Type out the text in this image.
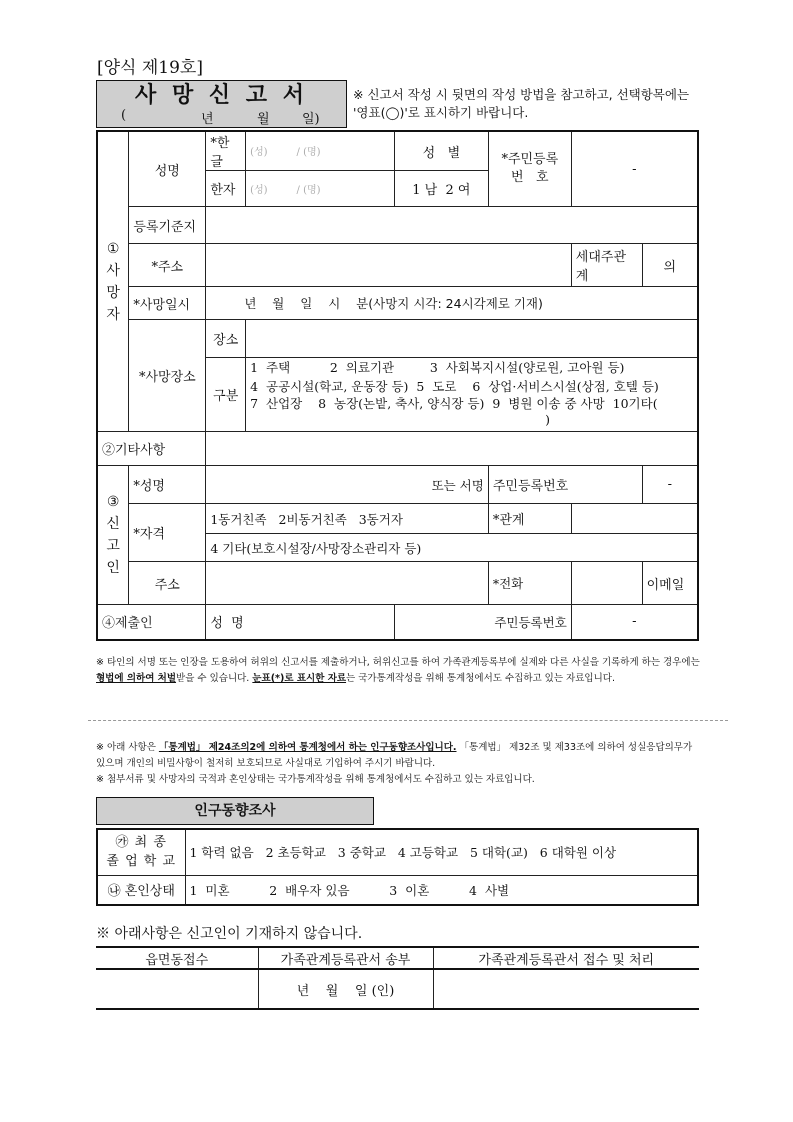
[양식 제19호]
사 망 신 고 서
(	년	월 일)
※ 신고서 작성 시 뒷면의 작성 방법을 참고하고, 선택항목에는 '영표(◯)'로 표시하기 바랍니다.
①
사
망
자	성명	*한글	(성) / (명)	성   별	*주민등록
번   호	-	
		한자	(성) / (명)	1 남  2 여			
	등록기준지						
	*주소					세대주관계	의
	*사망일시	년    월    일    시    분(사망지 시각: 24시각제로 기재)					
	*사망장소	장소					
		구분	1  주택          2  의료기관         3  사회복지시설(양로원, 고아원 등)				
			4  공공시설(학교, 운동장 등)  5  도로    6  상업·서비스시설(상점, 호텔 등)				
			7  산업장    8  농장(논밭, 축사, 양식장 등)  9  병원 이송 중 사망  10기타(
)				
②기타사항							
③
신
고
인	*성명	또는 서명			주민등록번호		-
	*자격	1동거친족   2비동거친족   3동거자			*관계		
		4 기타(보호시설장/사망장소관리자 등)					
	주소				*전화		이메일
④제출인		성  명		주민등록번호		-	
※ 타인의 서명 또는 인장을 도용하여 허위의 신고서를 제출하거나, 허위신고를 하여 가족관계등록부에 실제와 다른 사실을 기록하게 하는 경우에는 형법에 의하여 처벌받을 수 있습니다. 눈표(*)로 표시한 자료는 국가통계작성을 위해 통계청에서도 수집하고 있는 자료입니다.
※ 아래 사항은 「통계법」 제24조의2에 의하여 통계청에서 하는 인구동향조사입니다. 「통계법」 제32조 및 제33조에 의하여 성실응답의무가 있으며 개인의 비밀사항이 철저히 보호되므로 사실대로 기입하여 주시기 바랍니다.
※ 첨부서류 및 사망자의 국적과 혼인상태는 국가통계작성을 위해 통계청에서도 수집하고 있는 자료입니다.
인구동향조사
㉮ 최 종
졸 업 학 교	1 학력 없음   2 초등학교   3 중학교   4 고등학교   5 대학(교)   6 대학원 이상
㉯ 혼인상태	1  미혼          2  배우자 있음          3  이혼          4  사별
※ 아래사항은 신고인이 기재하지 않습니다.
읍면동접수	가족관계등록관서 송부	가족관계등록관서 접수 및 처리
	년    월    일 (인)	
